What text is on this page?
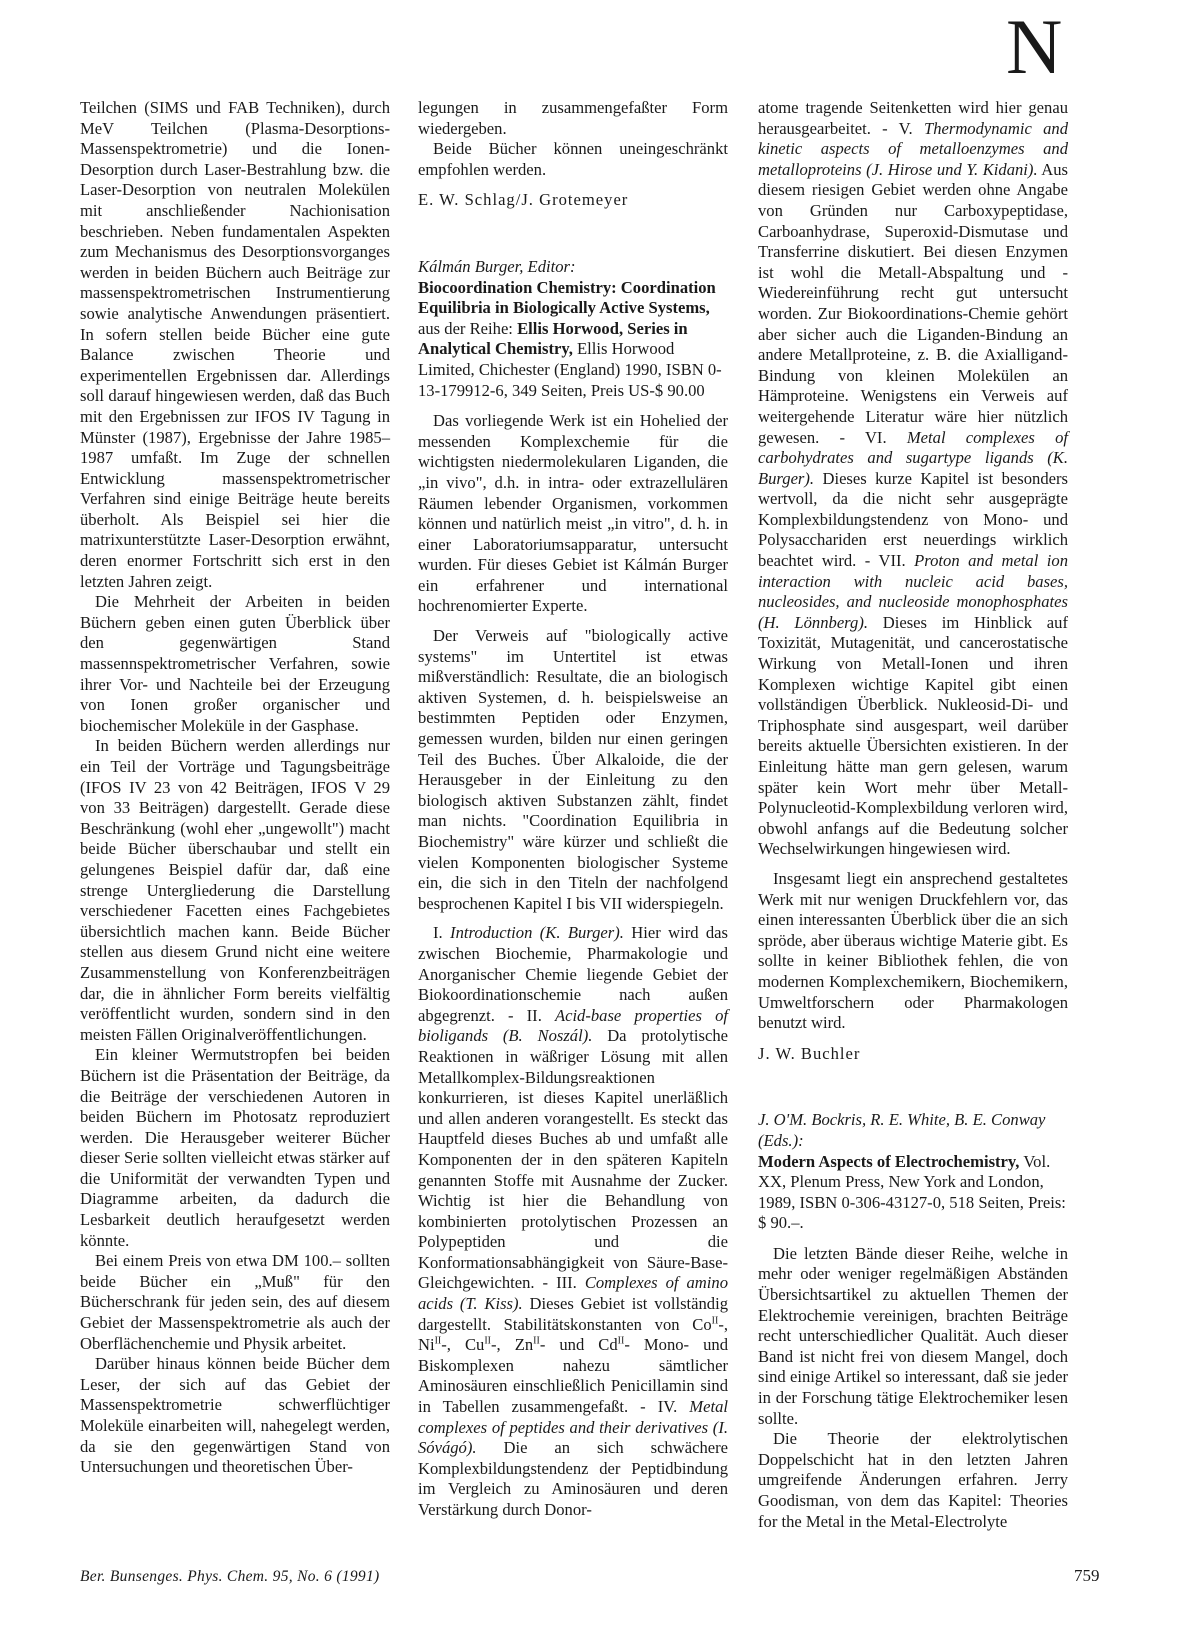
N

Teilchen (SIMS und FAB Techniken), durch MeV Teilchen (Plasma-Desorptions-Massenspektrometrie) und die Ionen-Desorption durch Laser-Bestrahlung bzw. die Laser-Desorption von neutralen Molekülen mit anschließender Nachionisation beschrieben. Neben fundamentalen Aspekten zum Mechanismus des Desorptionsvorganges werden in beiden Büchern auch Beiträge zur massenspektrometrischen Instrumentierung sowie analytische Anwendungen präsentiert. In sofern stellen beide Bücher eine gute Balance zwischen Theorie und experimentellen Ergebnissen dar. Allerdings soll darauf hingewiesen werden, daß das Buch mit den Ergebnissen zur IFOS IV Tagung in Münster (1987), Ergebnisse der Jahre 1985–1987 umfaßt. Im Zuge der schnellen Entwicklung massenspektrometrischer Verfahren sind einige Beiträge heute bereits überholt. Als Beispiel sei hier die matrixunterstützte Laser-Desorption erwähnt, deren enormer Fortschritt sich erst in den letzten Jahren zeigt.

Die Mehrheit der Arbeiten in beiden Büchern geben einen guten Überblick über den gegenwärtigen Stand massennspektrometrischer Verfahren, sowie ihrer Vor- und Nachteile bei der Erzeugung von Ionen großer organischer und biochemischer Moleküle in der Gasphase.

In beiden Büchern werden allerdings nur ein Teil der Vorträge und Tagungsbeiträge (IFOS IV 23 von 42 Beiträgen, IFOS V 29 von 33 Beiträgen) dargestellt. Gerade diese Beschränkung (wohl eher „ungewollt") macht beide Bücher überschaubar und stellt ein gelungenes Beispiel dafür dar, daß eine strenge Untergliederung die Darstellung verschiedener Facetten eines Fachgebietes übersichtlich machen kann. Beide Bücher stellen aus diesem Grund nicht eine weitere Zusammenstellung von Konferenzbeiträgen dar, die in ähnlicher Form bereits vielfältig veröffentlicht wurden, sondern sind in den meisten Fällen Originalveröffentlichungen.

Ein kleiner Wermutstropfen bei beiden Büchern ist die Präsentation der Beiträge, da die Beiträge der verschiedenen Autoren in beiden Büchern im Photosatz reproduziert werden. Die Herausgeber weiterer Bücher dieser Serie sollten vielleicht etwas stärker auf die Uniformität der verwandten Typen und Diagramme arbeiten, da dadurch die Lesbarkeit deutlich heraufgesetzt werden könnte.

Bei einem Preis von etwa DM 100.– sollten beide Bücher ein „Muß" für den Bücherschrank für jeden sein, des auf diesem Gebiet der Massenspektrometrie als auch der Oberflächenchemie und Physik arbeitet.

Darüber hinaus können beide Bücher dem Leser, der sich auf das Gebiet der Massenspektrometrie schwerflüchtiger Moleküle einarbeiten will, nahegelegt werden, da sie den gegenwärtigen Stand von Untersuchungen und theoretischen Über-

legungen in zusammengefaßter Form wiedergeben.

Beide Bücher können uneingeschränkt empfohlen werden.

E. W. Schlag/J. Grotemeyer

Kálmán Burger, Editor:
Biocoordination Chemistry: Coordination Equilibria in Biologically Active Systems, aus der Reihe: Ellis Horwood, Series in Analytical Chemistry, Ellis Horwood Limited, Chichester (England) 1990, ISBN 0-13-179912-6, 349 Seiten, Preis US-$ 90.00

Das vorliegende Werk ist ein Hohelied der messenden Komplexchemie für die wichtigsten niedermolekularen Liganden, die „in vivo", d.h. in intra- oder extrazellulären Räumen lebender Organismen, vorkommen können und natürlich meist „in vitro", d. h. in einer Laboratoriumsapparatur, untersucht wurden. Für dieses Gebiet ist Kálmán Burger ein erfahrener und international hochrenomierter Experte.

Der Verweis auf "biologically active systems" im Untertitel ist etwas mißverständlich: Resultate, die an biologisch aktiven Systemen, d. h. beispielsweise an bestimmten Peptiden oder Enzymen, gemessen wurden, bilden nur einen geringen Teil des Buches. Über Alkaloide, die der Herausgeber in der Einleitung zu den biologisch aktiven Substanzen zählt, findet man nichts. "Coordination Equilibria in Biochemistry" wäre kürzer und schließt die vielen Komponenten biologischer Systeme ein, die sich in den Titeln der nachfolgend besprochenen Kapitel I bis VII widerspiegeln.

I. Introduction (K. Burger). Hier wird das zwischen Biochemie, Pharmakologie und Anorganischer Chemie liegende Gebiet der Biokoordinationschemie nach außen abgegrenzt. - II. Acid-base properties of bioligands (B. Noszál). Da protolytische Reaktionen in wäßriger Lösung mit allen Metallkomplex-Bildungsreaktionen konkurrieren, ist dieses Kapitel unerläßlich und allen anderen vorangestellt. Es steckt das Hauptfeld dieses Buches ab und umfaßt alle Komponenten der in den späteren Kapiteln genannten Stoffe mit Ausnahme der Zucker. Wichtig ist hier die Behandlung von kombinierten protolytischen Prozessen an Polypeptiden und die Konformationsabhängigkeit von Säure-Base-Gleichgewichten. - III. Complexes of amino acids (T. Kiss). Dieses Gebiet ist vollständig dargestellt. Stabilitätskonstanten von $Co^{II}-$, $Ni^{II}-$, $Cu^{II}-$, $Zn^{II}-$ und $Cd^{II}-$ Mono- und Biskomplexen nahezu sämtlicher Aminosäuren einschließlich Penicillamin sind in Tabellen zusammengefaßt. - IV. Metal complexes of peptides and their derivatives (I. Sóvágó). Die an sich schwächere Komplexbildungstendenz der Peptidbindung im Vergleich zu Aminosäuren und deren Verstärkung durch Donor-

atome tragende Seitenketten wird hier genau herausgearbeitet. - V. Thermodynamic and kinetic aspects of metalloenzymes and metalloproteins (J. Hirose und Y. Kidani). Aus diesem riesigen Gebiet werden ohne Angabe von Gründen nur Carboxypeptidase, Carboanhydrase, Superoxid-Dismutase und Transferrine diskutiert. Bei diesen Enzymen ist wohl die Metall-Abspaltung und -Wiedereinführung recht gut untersucht worden. Zur Biokoordinations-Chemie gehört aber sicher auch die Liganden-Bindung an andere Metallproteine, z. B. die Axialligand-Bindung von kleinen Molekülen an Hämproteine. Wenigstens ein Verweis auf weitergehende Literatur wäre hier nützlich gewesen. - VI. Metal complexes of carbohydrates and sugartype ligands (K. Burger). Dieses kurze Kapitel ist besonders wertvoll, da die nicht sehr ausgeprägte Komplexbildungstendenz von Mono- und Polysacchariden erst neuerdings wirklich beachtet wird. - VII. Proton and metal ion interaction with nucleic acid bases, nucleosides, and nucleoside monophosphates (H. Lönnberg). Dieses im Hinblick auf Toxizität, Mutagenität, und cancerostatische Wirkung von Metall-Ionen und ihren Komplexen wichtige Kapitel gibt einen vollständigen Überblick. Nukleosid-Di- und Triphosphate sind ausgespart, weil darüber bereits aktuelle Übersichten existieren. In der Einleitung hätte man gern gelesen, warum später kein Wort mehr über Metall-Polynucleotid-Komplexbildung verloren wird, obwohl anfangs auf die Bedeutung solcher Wechselwirkungen hingewiesen wird.

Insgesamt liegt ein ansprechend gestaltetes Werk mit nur wenigen Druckfehlern vor, das einen interessanten Überblick über die an sich spröde, aber überaus wichtige Materie gibt. Es sollte in keiner Bibliothek fehlen, die von modernen Komplexchemikern, Biochemikern, Umweltforschern oder Pharmakologen benutzt wird.

J. W. Buchler

J. O'M. Bockris, R. E. White, B. E. Conway (Eds.):
Modern Aspects of Electrochemistry, Vol. XX, Plenum Press, New York and London, 1989, ISBN 0-306-43127-0, 518 Seiten, Preis: $ 90.–.

Die letzten Bände dieser Reihe, welche in mehr oder weniger regelmäßigen Abständen Übersichtsartikel zu aktuellen Themen der Elektrochemie vereinigen, brachten Beiträge recht unterschiedlicher Qualität. Auch dieser Band ist nicht frei von diesem Mangel, doch sind einige Artikel so interessant, daß sie jeder in der Forschung tätige Elektrochemiker lesen sollte.

Die Theorie der elektrolytischen Doppelschicht hat in den letzten Jahren umgreifende Änderungen erfahren. Jerry Goodisman, von dem das Kapitel: Theories for the Metal in the Metal-Electrolyte

Ber. Bunsenges. Phys. Chem. 95, No. 6 (1991)	759
